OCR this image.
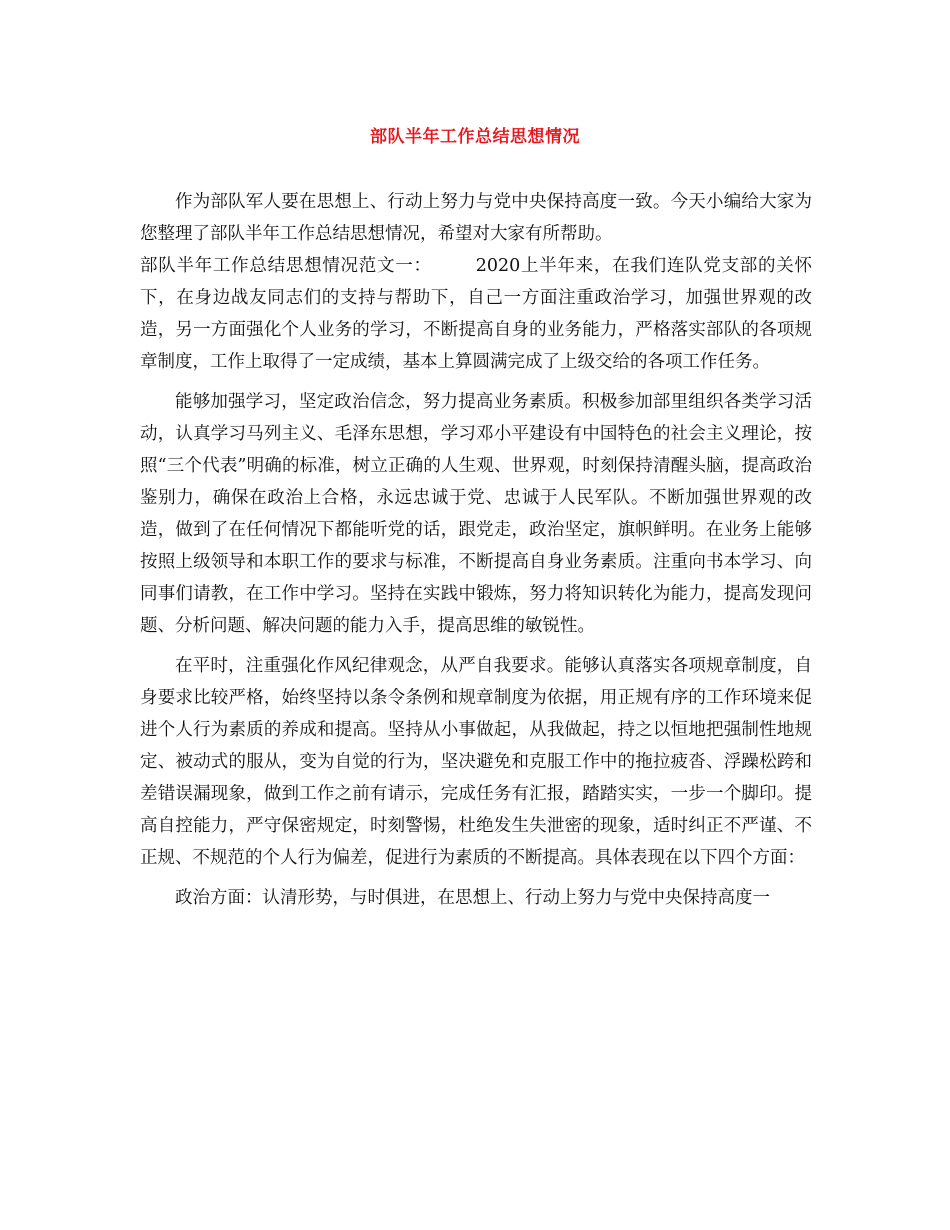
部队半年工作总结思想情况

作为部队军人要在思想上、行动上努力与党中央保持高度一致。今天小编给大家为您整理了部队半年工作总结思想情况，希望对大家有所帮助。

部队半年工作总结思想情况范文一：	2020上半年来，在我们连队党支部的关怀下，在身边战友同志们的支持与帮助下，自己一方面注重政治学习，加强世界观的改造，另一方面强化个人业务的学习，不断提高自身的业务能力，严格落实部队的各项规章制度，工作上取得了一定成绩，基本上算圆满完成了上级交给的各项工作任务。

能够加强学习，坚定政治信念，努力提高业务素质。积极参加部里组织各类学习活动，认真学习马列主义、毛泽东思想，学习邓小平建设有中国特色的社会主义理论，按照“三个代表”明确的标准，树立正确的人生观、世界观，时刻保持清醒头脑，提高政治鉴别力，确保在政治上合格，永远忠诚于党、忠诚于人民军队。不断加强世界观的改造，做到了在任何情况下都能听党的话，跟党走，政治坚定，旗帜鲜明。在业务上能够按照上级领导和本职工作的要求与标准，不断提高自身业务素质。注重向书本学习、向同事们请教，在工作中学习。坚持在实践中锻炼，努力将知识转化为能力，提高发现问题、分析问题、解决问题的能力入手，提高思维的敏锐性。

在平时，注重强化作风纪律观念，从严自我要求。能够认真落实各项规章制度，自身要求比较严格，始终坚持以条令条例和规章制度为依据，用正规有序的工作环境来促进个人行为素质的养成和提高。坚持从小事做起，从我做起，持之以恒地把强制性地规定、被动式的服从，变为自觉的行为，坚决避免和克服工作中的拖拉疲沓、浮躁松跨和差错误漏现象，做到工作之前有请示，完成任务有汇报，踏踏实实，一步一个脚印。提高自控能力，严守保密规定，时刻警惕，杜绝发生失泄密的现象，适时纠正不严谨、不正规、不规范的个人行为偏差，促进行为素质的不断提高。具体表现在以下四个方面：

政治方面：认清形势，与时俱进，在思想上、行动上努力与党中央保持高度一
